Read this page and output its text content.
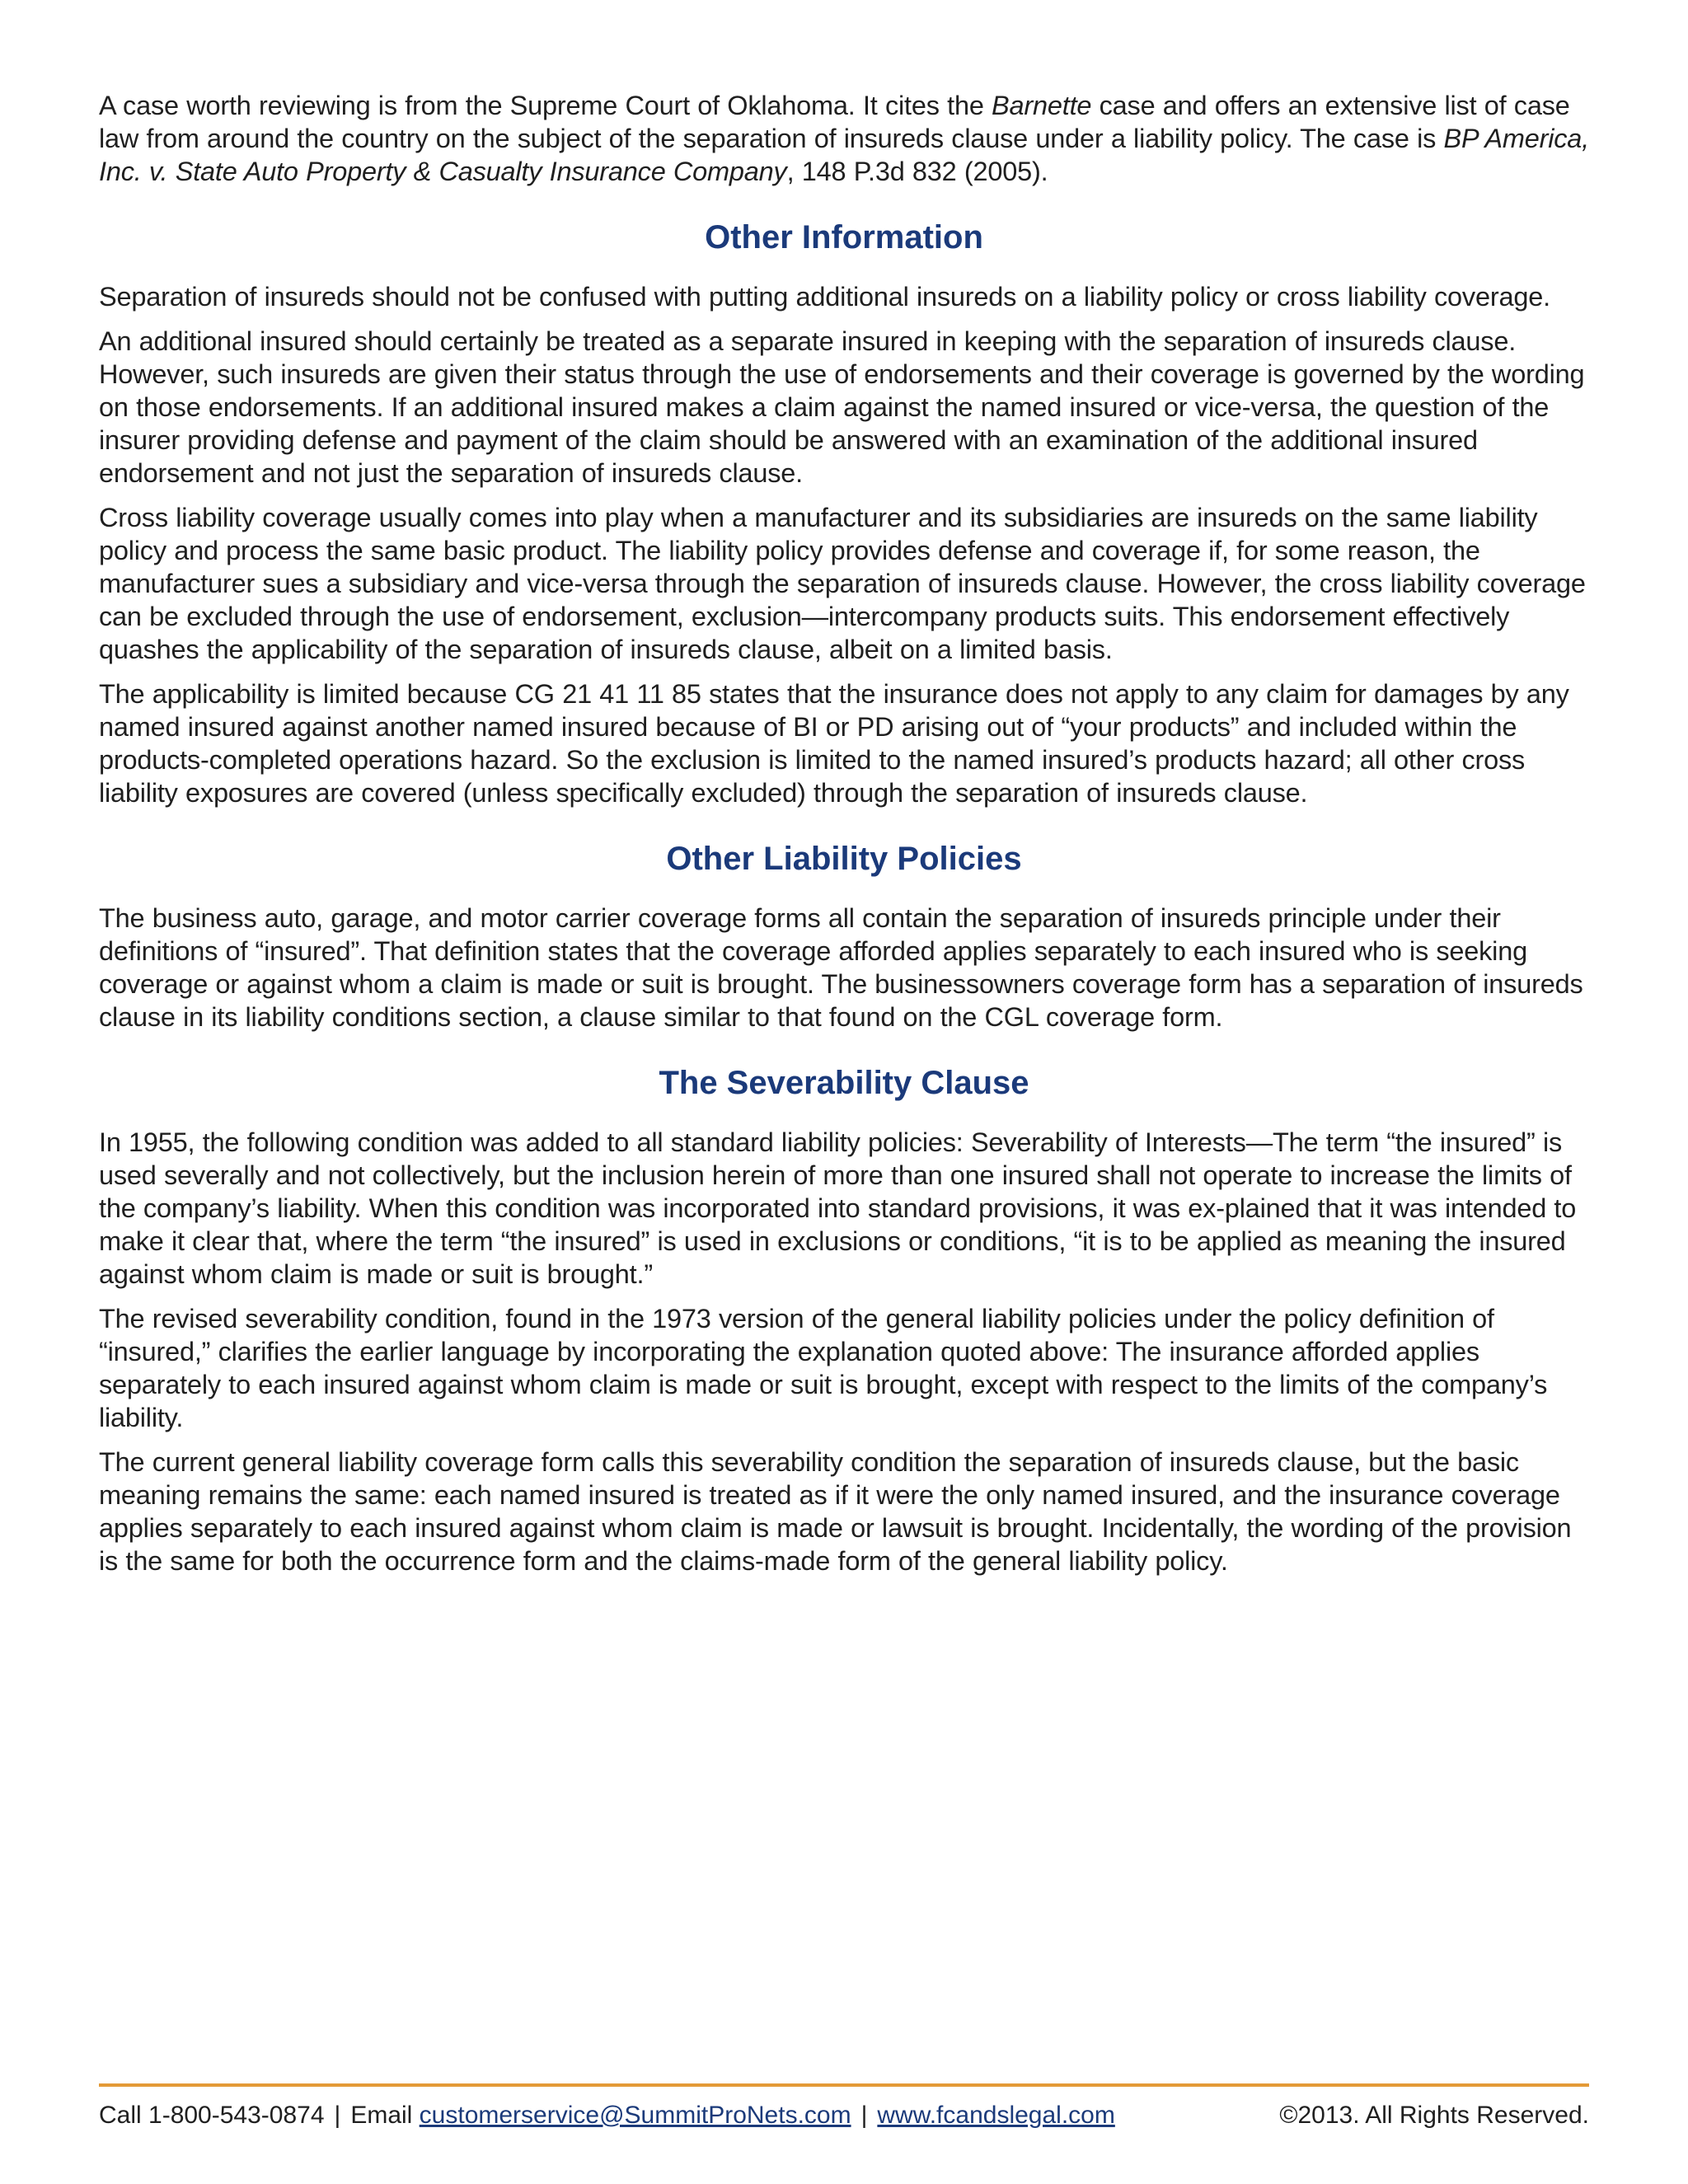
A case worth reviewing is from the Supreme Court of Oklahoma. It cites the Barnette case and offers an extensive list of case law from around the country on the subject of the separation of insureds clause under a liability policy. The case is BP America, Inc. v. State Auto Property & Casualty Insurance Company, 148 P.3d 832 (2005).

Other Information

Separation of insureds should not be confused with putting additional insureds on a liability policy or cross liability coverage.

An additional insured should certainly be treated as a separate insured in keeping with the separation of insureds clause. However, such insureds are given their status through the use of endorsements and their coverage is governed by the wording on those endorsements. If an additional insured makes a claim against the named insured or vice-versa, the question of the insurer providing defense and payment of the claim should be answered with an examination of the additional insured endorsement and not just the separation of insureds clause.

Cross liability coverage usually comes into play when a manufacturer and its subsidiaries are insureds on the same liability policy and process the same basic product. The liability policy provides defense and coverage if, for some reason, the manufacturer sues a subsidiary and vice-versa through the separation of insureds clause. However, the cross liability coverage can be excluded through the use of endorsement, exclusion—intercompany products suits. This endorsement effectively quashes the applicability of the separation of insureds clause, albeit on a limited basis.

The applicability is limited because CG 21 41 11 85 states that the insurance does not apply to any claim for damages by any named insured against another named insured because of BI or PD arising out of “your products” and included within the products-completed operations hazard. So the exclusion is limited to the named insured’s products hazard; all other cross liability exposures are covered (unless specifically excluded) through the separation of insureds clause.

Other Liability Policies

The business auto, garage, and motor carrier coverage forms all contain the separation of insureds principle under their definitions of “insured”. That definition states that the coverage afforded applies separately to each insured who is seeking coverage or against whom a claim is made or suit is brought. The businessowners coverage form has a separation of insureds clause in its liability conditions section, a clause similar to that found on the CGL coverage form.

The Severability Clause

In 1955, the following condition was added to all standard liability policies: Severability of Interests—The term “the insured” is used severally and not collectively, but the inclusion herein of more than one insured shall not operate to increase the limits of the company’s liability. When this condition was incorporated into standard provisions, it was ex-plained that it was intended to make it clear that, where the term “the insured” is used in exclusions or conditions, “it is to be applied as meaning the insured against whom claim is made or suit is brought.”

The revised severability condition, found in the 1973 version of the general liability policies under the policy definition of “insured,” clarifies the earlier language by incorporating the explanation quoted above: The insurance afforded applies separately to each insured against whom claim is made or suit is brought, except with respect to the limits of the company’s liability.

The current general liability coverage form calls this severability condition the separation of insureds clause, but the basic meaning remains the same: each named insured is treated as if it were the only named insured, and the insurance coverage applies separately to each insured against whom claim is made or lawsuit is brought. Incidentally, the wording of the provision is the same for both the occurrence form and the claims-made form of the general liability policy.

Call 1-800-543-0874 | Email customerservice@SummitProNets.com | www.fcandslegal.com	©2013. All Rights Reserved.
